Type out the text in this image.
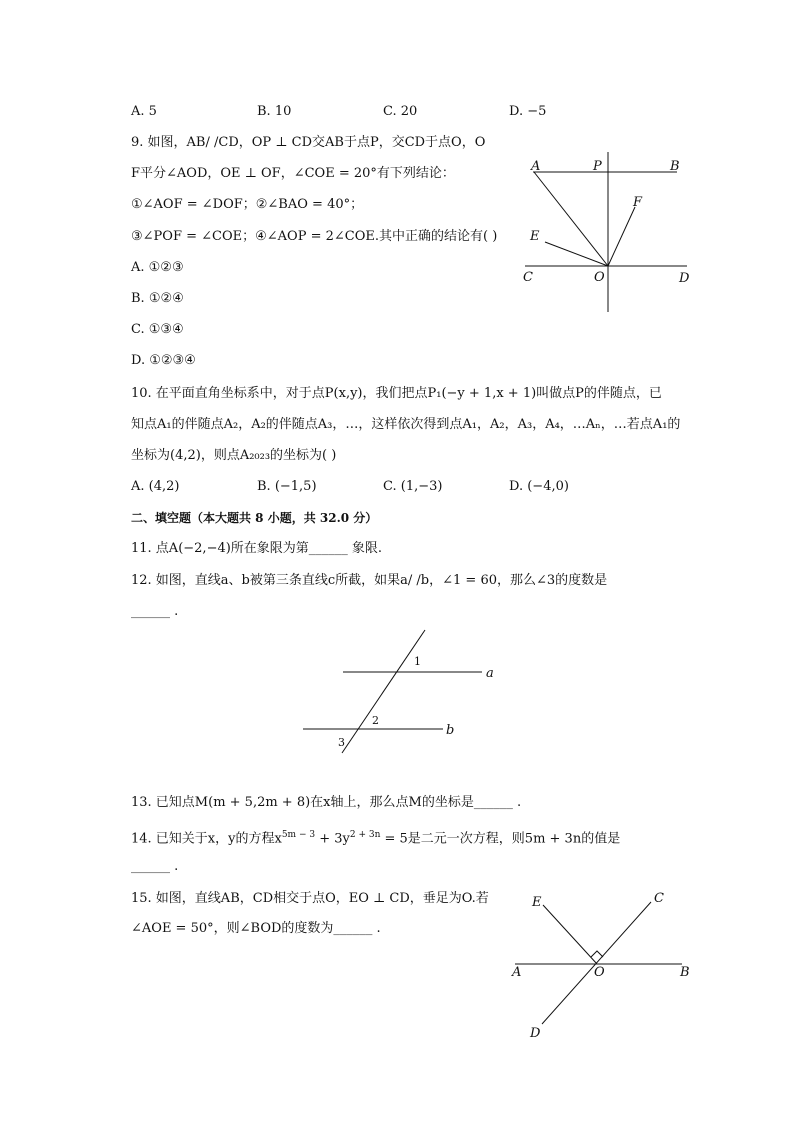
A. 5	B. 10	C. 20	D. −5
9. 如图，AB/ /CD，OP ⊥ CD交AB于点P，交CD于点O，O
F平分∠AOD，OE ⊥ OF，∠COE = 20°有下列结论：
①∠AOF = ∠DOF；②∠BAO = 40°；
③∠POF = ∠COE；④∠AOP = 2∠COE.其中正确的结论有( )
A. ①②③
B. ①②④
C. ①③④
D. ①②③④
A	P	B
F
E
C	O	D
10. 在平面直角坐标系中，对于点P(x,y)，我们把点P₁(−y + 1,x + 1)叫做点P的伴随点，已
知点A₁的伴随点A₂，A₂的伴随点A₃，…，这样依次得到点A₁，A₂，A₃，A₄，…Aₙ，…若点A₁的
坐标为(4,2)，则点A₂₀₂₃的坐标为( )
A. (4,2)	B. (−1,5)	C. (1,−3)	D. (−4,0)
二、填空题（本大题共 8 小题，共 32.0 分）
11. 点A(−2,−4)所在象限为第______ 象限.
12. 如图，直线a、b被第三条直线c所截，如果a/ /b，∠1 = 60，那么∠3的度数是
______ .
a
b
1
2
3
13. 已知点M(m + 5,2m + 8)在x轴上，那么点M的坐标是______ .
14. 已知关于x，y的方程$x^{5m - 3} + 3y^{2 + 3n} = 5$是二元一次方程，则5m + 3n的值是
______ .
15. 如图，直线AB，CD相交于点O，EO ⊥ CD，垂足为O.若
∠AOE = 50°，则∠BOD的度数为______ .
E	C
A	O	B
D
